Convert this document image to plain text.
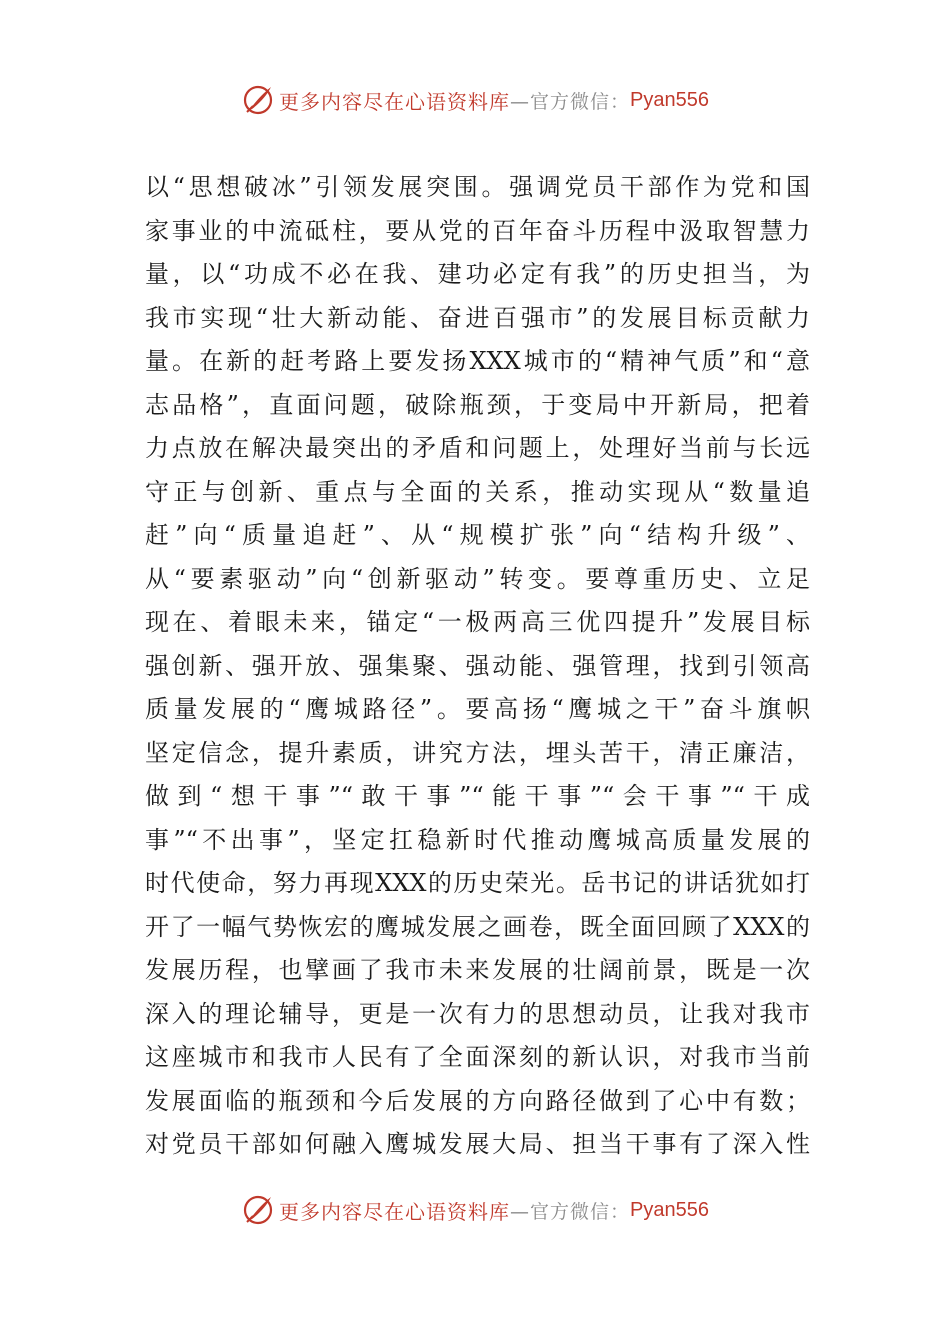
更多内容尽在心语资料库 —官方微信： Pyan556
以“思想破冰”引领发展突围。强调党员干部作为党和国
家事业的中流砥柱，要从党的百年奋斗历程中汲取智慧力
量，以“功成不必在我、建功必定有我”的历史担当，为
我市实现“壮大新动能、奋进百强市”的发展目标贡献力
量。在新的赶考路上要发扬XXX城市的“精神气质”和“意
志品格”，直面问题，破除瓶颈，于变局中开新局，把着
力点放在解决最突出的矛盾和问题上，处理好当前与长远
守正与创新、重点与全面的关系，推动实现从“数量追
赶”向“质量追赶”、从“规模扩张”向“结构升级”、
从“要素驱动”向“创新驱动”转变。要尊重历史、立足
现在、着眼未来，锚定“一极两高三优四提升”发展目标
强创新、强开放、强集聚、强动能、强管理，找到引领高
质量发展的“鹰城路径”。要高扬“鹰城之干”奋斗旗帜
坚定信念，提升素质，讲究方法，埋头苦干，清正廉洁，
做到“想干事”“敢干事”“能干事”“会干事”“干成
事”“不出事”，坚定扛稳新时代推动鹰城高质量发展的
时代使命，努力再现XXX的历史荣光。岳书记的讲话犹如打
开了一幅气势恢宏的鹰城发展之画卷，既全面回顾了XXX的
发展历程，也擘画了我市未来发展的壮阔前景，既是一次
深入的理论辅导，更是一次有力的思想动员，让我对我市
这座城市和我市人民有了全面深刻的新认识，对我市当前
发展面临的瓶颈和今后发展的方向路径做到了心中有数；
对党员干部如何融入鹰城发展大局、担当干事有了深入性
更多内容尽在心语资料库 —官方微信： Pyan556
